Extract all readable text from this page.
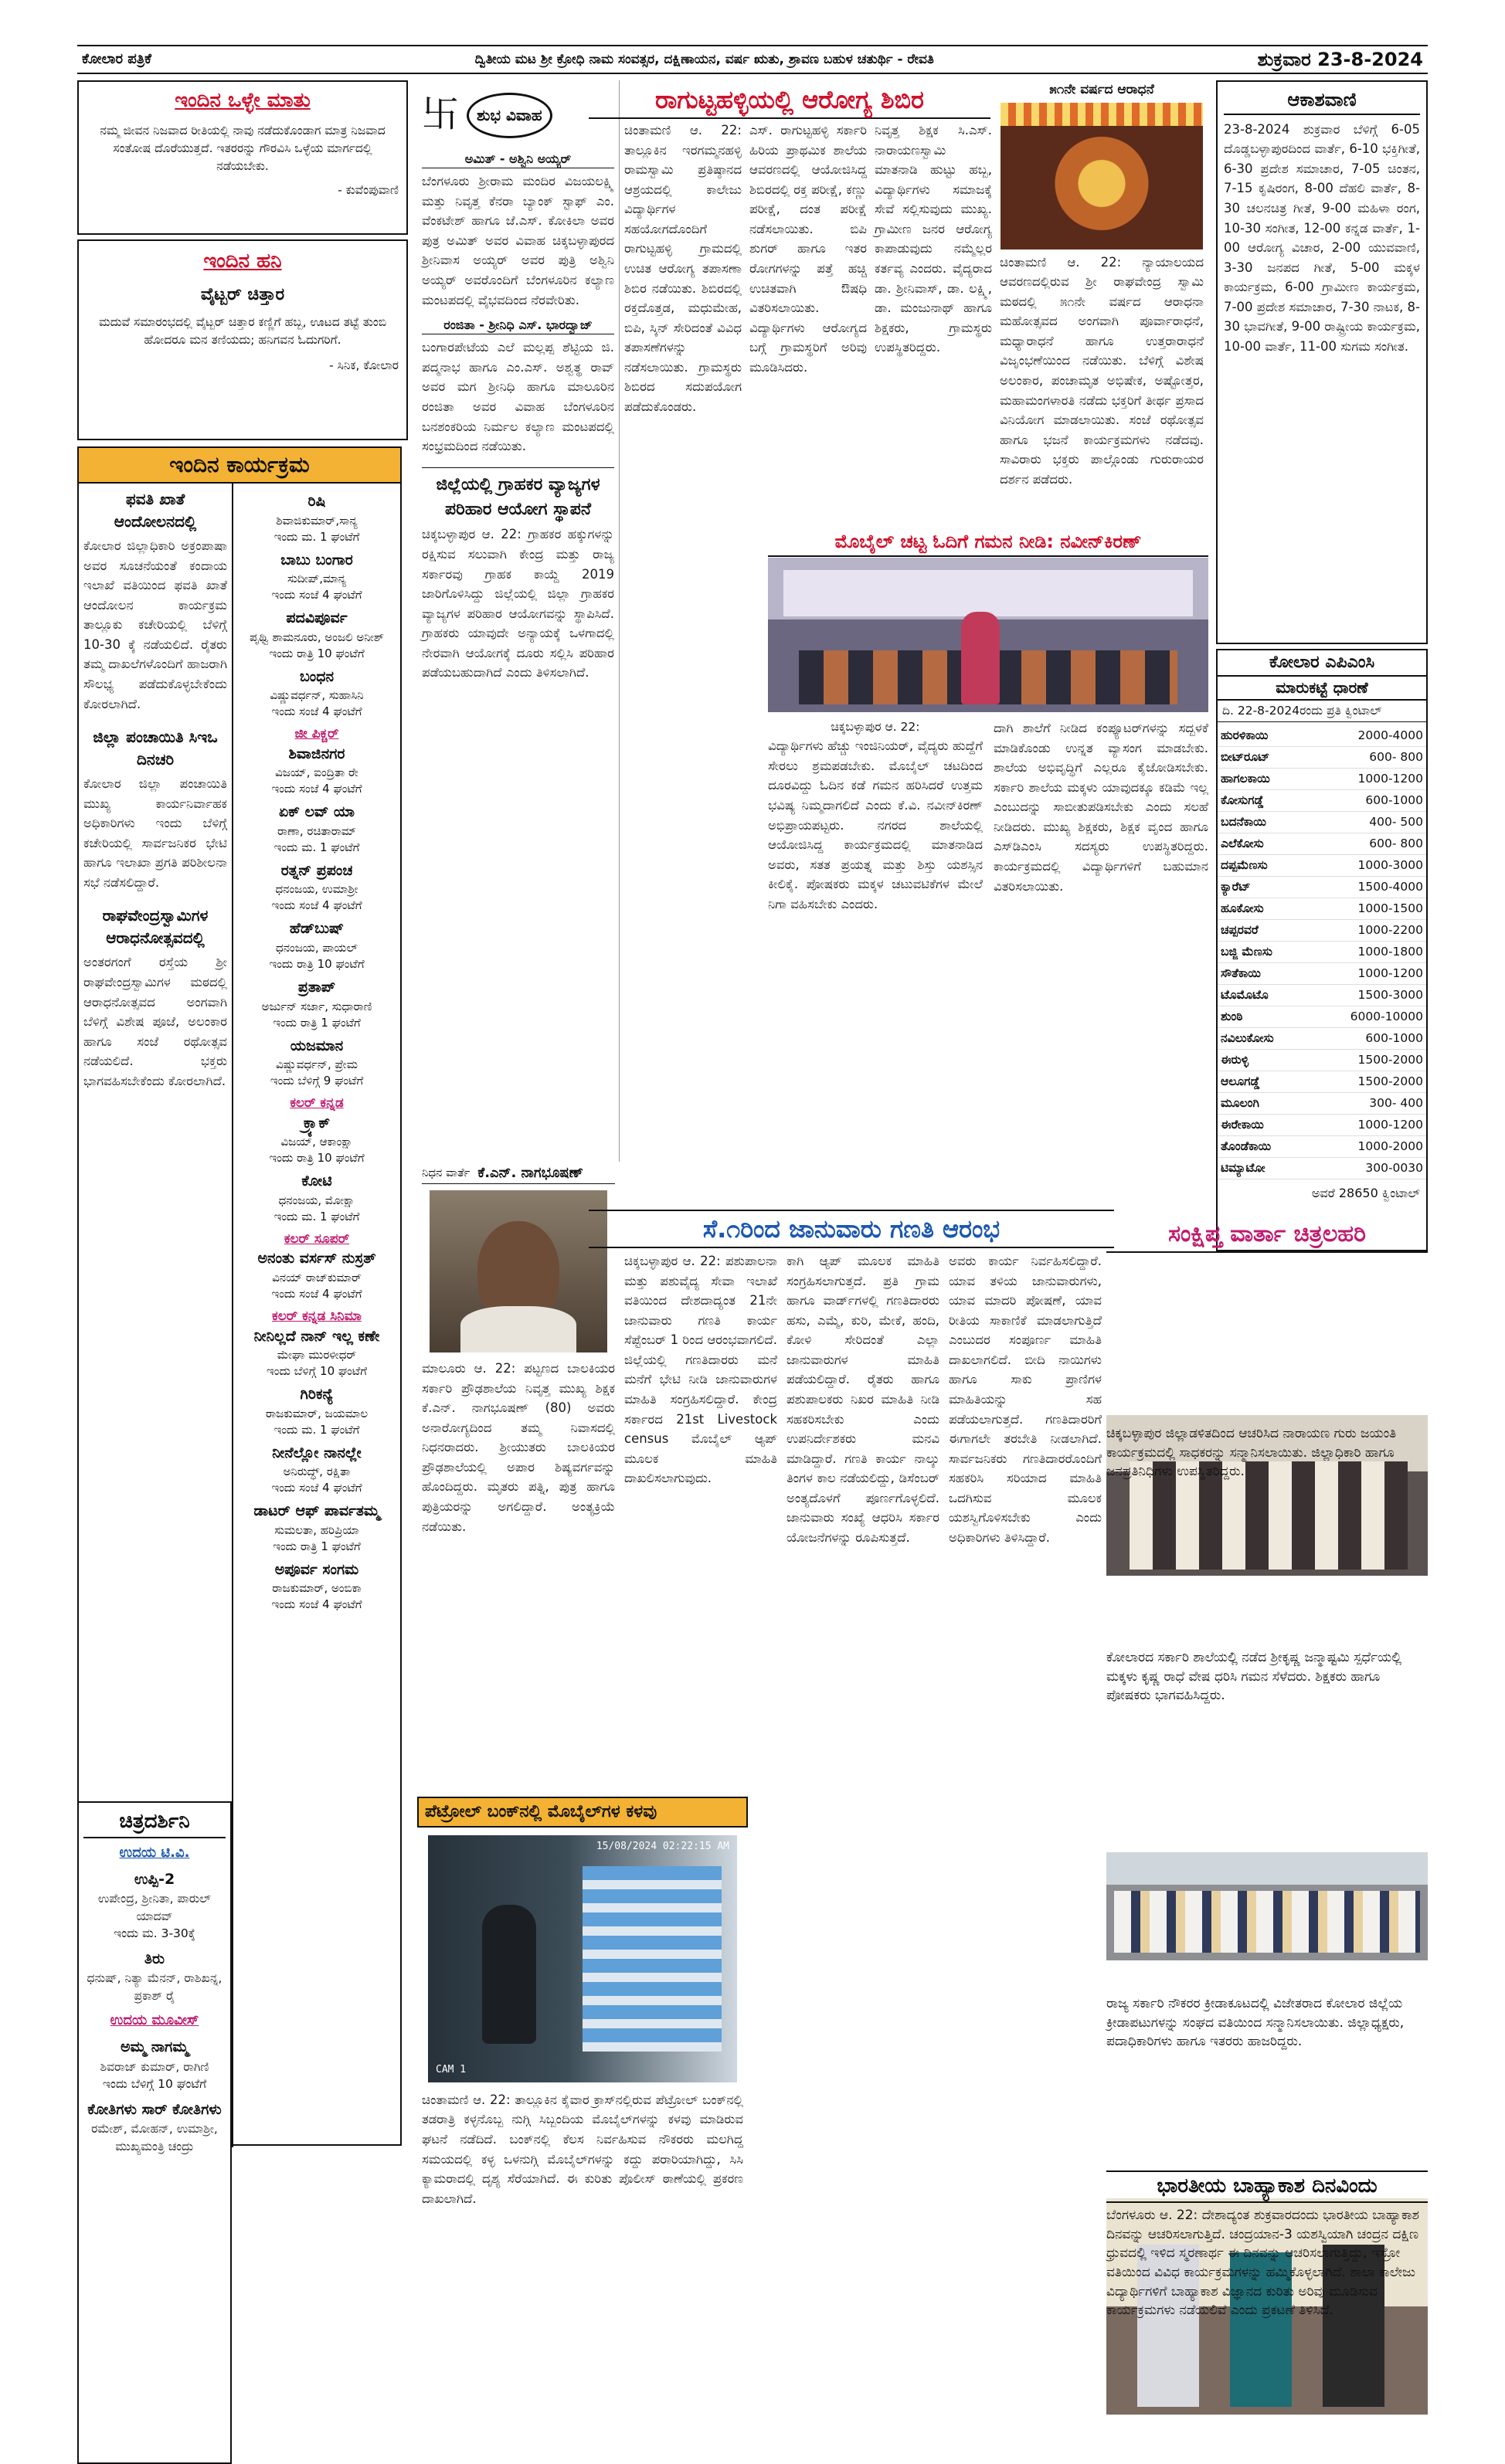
ಕೋಲಾರ ಪತ್ರಿಕೆ	ದ್ವಿತೀಯ ಮಟ ಶ್ರೀ ಕ್ರೋಧಿ ನಾಮ ಸಂವತ್ಸರ, ದಕ್ಷಿಣಾಯನ, ವರ್ಷ ಋತು, ಶ್ರಾವಣ ಬಹುಳ ಚತುರ್ಥಿ - ರೇವತಿ	ಶುಕ್ರವಾರ 23-8-2024
ಇಂದಿನ ಒಳ್ಳೇ ಮಾತು
ನಮ್ಮ ಜೀವನ ನಿಜವಾದ ರೀತಿಯಲ್ಲಿ ನಾವು ನಡೆದುಕೊಂಡಾಗ ಮಾತ್ರ ನಿಜವಾದ ಸಂತೋಷ ದೊರೆಯುತ್ತದೆ. ಇತರರನ್ನು ಗೌರವಿಸಿ ಒಳ್ಳೆಯ ಮಾರ್ಗದಲ್ಲಿ ನಡೆಯಬೇಕು.
- ಕುವೆಂಪುವಾಣಿ
ಇಂದಿನ ಹನಿ
ವೈಟ್ಬರ್ ಚಿತ್ತಾರ
ಮದುವೆ ಸಮಾರಂಭದಲ್ಲಿ ವೈಟ್ಬರ್ ಚಿತ್ತಾರ ಕಣ್ಣಿಗೆ ಹಬ್ಬ, ಊಟದ ತಟ್ಟೆ ತುಂಬಿ ಹೋದರೂ ಮನ ತಣಿಯದು; ಹನಿಗವನ ಓದುಗರಿಗೆ.
- ಸಿನಿಕ, ಕೋಲಾರ
ಇಂದಿನ ಕಾರ್ಯಕ್ರಮ
ಫವತಿ ಖಾತೆ ಆಂದೋಲನದಲ್ಲಿ
ಕೋಲಾರ ಜಿಲ್ಲಾಧಿಕಾರಿ ಅಕ್ರಂಪಾಷಾ ಅವರ ಸೂಚನೆಯಂತೆ ಕಂದಾಯ ಇಲಾಖೆ ವತಿಯಿಂದ ಫವತಿ ಖಾತೆ ಆಂದೋಲನ ಕಾರ್ಯಕ್ರಮ ತಾಲ್ಲೂಕು ಕಚೇರಿಯಲ್ಲಿ ಬೆಳಿಗ್ಗೆ 10-30 ಕ್ಕೆ ನಡೆಯಲಿದೆ. ರೈತರು ತಮ್ಮ ದಾಖಲೆಗಳೊಂದಿಗೆ ಹಾಜರಾಗಿ ಸೌಲಭ್ಯ ಪಡೆದುಕೊಳ್ಳಬೇಕೆಂದು ಕೋರಲಾಗಿದೆ.
ಜಿಲ್ಲಾ ಪಂಚಾಯಿತಿ ಸಿಇಒ ದಿನಚರಿ
ಕೋಲಾರ ಜಿಲ್ಲಾ ಪಂಚಾಯಿತಿ ಮುಖ್ಯ ಕಾರ್ಯನಿರ್ವಾಹಕ ಅಧಿಕಾರಿಗಳು ಇಂದು ಬೆಳಿಗ್ಗೆ ಕಚೇರಿಯಲ್ಲಿ ಸಾರ್ವಜನಿಕರ ಭೇಟಿ ಹಾಗೂ ಇಲಾಖಾ ಪ್ರಗತಿ ಪರಿಶೀಲನಾ ಸಭೆ ನಡೆಸಲಿದ್ದಾರೆ.
ರಾಘವೇಂದ್ರಸ್ವಾಮಿಗಳ ಆರಾಧನೋತ್ಸವದಲ್ಲಿ
ಅಂತರಗಂಗೆ ರಸ್ತೆಯ ಶ್ರೀ ರಾಘವೇಂದ್ರಸ್ವಾಮಿಗಳ ಮಠದಲ್ಲಿ ಆರಾಧನೋತ್ಸವದ ಅಂಗವಾಗಿ ಬೆಳಿಗ್ಗೆ ವಿಶೇಷ ಪೂಜೆ, ಅಲಂಕಾರ ಹಾಗೂ ಸಂಜೆ ರಥೋತ್ಸವ ನಡೆಯಲಿದೆ. ಭಕ್ತರು ಭಾಗವಹಿಸಬೇಕೆಂದು ಕೋರಲಾಗಿದೆ.
ರಿಷಿ
ಶಿವಾಜಿಕುಮಾರ್,ಸಾನ್ಯ
ಇಂದು ಮ. 1 ಘಂಟೆಗೆ
ಬಾಬು ಬಂಗಾರ
ಸುದೀಪ್,ಮಾನ್ಯ
ಇಂದು ಸಂಜೆ 4 ಘಂಟೆಗೆ
ಪದವಿಪೂರ್ವ
ಪೃಥ್ವಿ ಶಾಮನೂರು, ಅಂಜಲಿ ಅನೀಶ್
ಇಂದು ರಾತ್ರಿ 10 ಘಂಟೆಗೆ
ಬಂಧನ
ವಿಷ್ಣುವರ್ಧನ್, ಸುಹಾಸಿನಿ
ಇಂದು ಸಂಜೆ 4 ಘಂಟೆಗೆ
ಜೀ ಪಿಕ್ಚರ್
ಶಿವಾಜಿನಗರ
ವಿಜಯ್, ಐಂದ್ರಿತಾ ರೇ
ಇಂದು ಸಂಜೆ 4 ಘಂಟೆಗೆ
ಏಕ್ ಲವ್ ಯಾ
ರಾಣಾ, ರಚಿತಾರಾಮ್
ಇಂದು ಮ. 1 ಘಂಟೆಗೆ
ರತ್ನನ್ ಪ್ರಪಂಚ
ಧನಂಜಯ, ಉಮಾಶ್ರೀ
ಇಂದು ಸಂಜೆ 4 ಘಂಟೆಗೆ
ಹೆಡ್‌ಬುಷ್
ಧನಂಜಯ, ಪಾಯಲ್
ಇಂದು ರಾತ್ರಿ 10 ಘಂಟೆಗೆ
ಪ್ರತಾಪ್
ಅರ್ಜುನ್ ಸರ್ಜಾ, ಸುಧಾರಾಣಿ
ಇಂದು ರಾತ್ರಿ 1 ಘಂಟೆಗೆ
ಯಜಮಾನ
ವಿಷ್ಣುವರ್ಧನ್, ಪ್ರೇಮ
ಇಂದು ಬೆಳಿಗ್ಗೆ 9 ಘಂಟೆಗೆ
ಕಲರ್ ಕನ್ನಡ
ಕ್ರ್ಯಾಕ್
ವಿಜಯ್, ಆಕಾಂಕ್ಷಾ
ಇಂದು ರಾತ್ರಿ 10 ಘಂಟೆಗೆ
ಕೋಟಿ
ಧನಂಜಯ, ಮೋಕ್ಷಾ
ಇಂದು ಮ. 1 ಘಂಟೆಗೆ
ಕಲರ್ ಸೂಪರ್
ಅನಂತು ವರ್ಸಸ್ ನುಸ್ರತ್
ವಿನಯ್ ರಾಜ್‌ಕುಮಾರ್
ಇಂದು ಸಂಜೆ 4 ಘಂಟೆಗೆ
ಕಲರ್ ಕನ್ನಡ ಸಿನಿಮಾ
ನೀನಿಲ್ಲದೆ ನಾನ್ ಇಲ್ಲ ಕಣೇ
ಮೇಘಾ ಮುರಳೀಧರ್
ಇಂದು ಬೆಳಿಗ್ಗೆ 10 ಘಂಟೆಗೆ
ಗಿರಿಕನ್ಯೆ
ರಾಜಕುಮಾರ್, ಜಯಮಾಲ
ಇಂದು ಮ. 1 ಘಂಟೆಗೆ
ನೀನೆಲ್ಲೋ ನಾನಲ್ಲೇ
ಅನಿರುದ್ಧ್, ರಕ್ಷಿತಾ
ಇಂದು ಸಂಜೆ 4 ಘಂಟೆಗೆ
ಡಾಟರ್ ಆಫ್ ಪಾರ್ವತಮ್ಮ
ಸುಮಲತಾ, ಹರಿಪ್ರಿಯಾ
ಇಂದು ರಾತ್ರಿ 1 ಘಂಟೆಗೆ
ಅಪೂರ್ವ ಸಂಗಮ
ರಾಜಕುಮಾರ್, ಅಂಬಿಕಾ
ಇಂದು ಸಂಜೆ 4 ಘಂಟೆಗೆ
ಚಿತ್ರದರ್ಶಿನಿ
ಉದಯ ಟಿ.ವಿ.
ಉಪ್ಪಿ-2
ಉಪೇಂದ್ರ, ಶ್ರೀನಿತಾ, ಪಾರುಲ್ ಯಾದವ್
ಇಂದು ಮ. 3-30ಕ್ಕೆ
ತಿರು
ಧನುಷ್, ನಿತ್ಯಾ ಮೆನನ್, ರಾಶಿಖನ್ನ, ಪ್ರಕಾಶ್ ರೈ
ಉದಯ ಮೂವೀಸ್
ಅಮ್ಮ ನಾಗಮ್ಮ
ಶಿವರಾಜ್ ಕುಮಾರ್, ರಾಗಿಣಿ
ಇಂದು ಬೆಳಿಗ್ಗೆ 10 ಘಂಟೆಗೆ
ಕೋತಿಗಳು ಸಾರ್ ಕೋತಿಗಳು
ರಮೇಶ್, ಮೋಹನ್, ಉಮಾಶ್ರೀ, ಮುಖ್ಯಮಂತ್ರಿ ಚಂದ್ರು
卐	ಶುಭ ವಿವಾಹ
ಅಮಿತ್ - ಅಶ್ವಿನಿ ಅಯ್ಯರ್
ಬೆಂಗಳೂರು ಶ್ರೀರಾಮ ಮಂದಿರ ವಿಜಯಲಕ್ಷ್ಮಿ ಮತ್ತು ನಿವೃತ್ತ ಕೆನರಾ ಬ್ಯಾಂಕ್ ಸ್ಟಾಫ್ ಎಂ. ವೆಂಕಟೇಶ್ ಹಾಗೂ ಜೆ.ಎಸ್. ಕೋಕಿಲಾ ಅವರ ಪುತ್ರ ಅಮಿತ್ ಅವರ ವಿವಾಹ ಚಿಕ್ಕಬಳ್ಳಾಪುರದ ಶ್ರೀನಿವಾಸ ಅಯ್ಯರ್ ಅವರ ಪುತ್ರಿ ಅಶ್ವಿನಿ ಅಯ್ಯರ್ ಅವರೊಂದಿಗೆ ಬೆಂಗಳೂರಿನ ಕಲ್ಯಾಣ ಮಂಟಪದಲ್ಲಿ ವೈಭವದಿಂದ ನೆರವೇರಿತು.
ರಂಜಿತಾ - ಶ್ರೀನಿಧಿ ಎಸ್. ಭಾರದ್ವಾಜ್
ಬಂಗಾರಪೇಟೆಯ ಎಲೆ ಮಲ್ಲಪ್ಪ ಶೆಟ್ಟಿಯ ಜಿ. ಪದ್ಮನಾಭ ಹಾಗೂ ಎಂ.ಎಸ್. ಅಶ್ವತ್ಥ ರಾವ್ ಅವರ ಮಗ ಶ್ರೀನಿಧಿ ಹಾಗೂ ಮಾಲೂರಿನ ರಂಜಿತಾ ಅವರ ವಿವಾಹ ಬೆಂಗಳೂರಿನ ಬನಶಂಕರಿಯ ನಿರ್ಮಲ ಕಲ್ಯಾಣ ಮಂಟಪದಲ್ಲಿ ಸಂಭ್ರಮದಿಂದ ನಡೆಯಿತು.
ಜಿಲ್ಲೆಯಲ್ಲಿ ಗ್ರಾಹಕರ ವ್ಯಾಜ್ಯಗಳ ಪರಿಹಾರ ಆಯೋಗ ಸ್ಥಾಪನೆ
ಚಿಕ್ಕಬಳ್ಳಾಪುರ ಆ. 22: ಗ್ರಾಹಕರ ಹಕ್ಕುಗಳನ್ನು ರಕ್ಷಿಸುವ ಸಲುವಾಗಿ ಕೇಂದ್ರ ಮತ್ತು ರಾಜ್ಯ ಸರ್ಕಾರವು ಗ್ರಾಹಕ ಕಾಯ್ದೆ 2019 ಜಾರಿಗೊಳಿಸಿದ್ದು ಜಿಲ್ಲೆಯಲ್ಲಿ ಜಿಲ್ಲಾ ಗ್ರಾಹಕರ ವ್ಯಾಜ್ಯಗಳ ಪರಿಹಾರ ಆಯೋಗವನ್ನು ಸ್ಥಾಪಿಸಿದೆ. ಗ್ರಾಹಕರು ಯಾವುದೇ ಅನ್ಯಾಯಕ್ಕೆ ಒಳಗಾದಲ್ಲಿ ನೇರವಾಗಿ ಆಯೋಗಕ್ಕೆ ದೂರು ಸಲ್ಲಿಸಿ ಪರಿಹಾರ ಪಡೆಯಬಹುದಾಗಿದೆ ಎಂದು ತಿಳಿಸಲಾಗಿದೆ.
ನಿಧನ ವಾರ್ತೆ ಕೆ.ಎನ್. ನಾಗಭೂಷಣ್
ಮಾಲೂರು ಆ. 22: ಪಟ್ಟಣದ ಬಾಲಕಿಯರ ಸರ್ಕಾರಿ ಪ್ರೌಢಶಾಲೆಯ ನಿವೃತ್ತ ಮುಖ್ಯ ಶಿಕ್ಷಕ ಕೆ.ಎನ್. ನಾಗಭೂಷಣ್ (80) ಅವರು ಅನಾರೋಗ್ಯದಿಂದ ತಮ್ಮ ನಿವಾಸದಲ್ಲಿ ನಿಧನರಾದರು. ಶ್ರೀಯುತರು ಬಾಲಕಿಯರ ಪ್ರೌಢಶಾಲೆಯಲ್ಲಿ ಅಪಾರ ಶಿಷ್ಯವರ್ಗವನ್ನು ಹೊಂದಿದ್ದರು. ಮೃತರು ಪತ್ನಿ, ಪುತ್ರ ಹಾಗೂ ಪುತ್ರಿಯರನ್ನು ಅಗಲಿದ್ದಾರೆ. ಅಂತ್ಯಕ್ರಿಯೆ ನಡೆಯಿತು.
ಪೆಟ್ರೋಲ್ ಬಂಕ್‌ನಲ್ಲಿ ಮೊಬೈಲ್‌ಗಳ ಕಳವು
15/08/2024 02:22:15 AM
CAM 1
ಚಿಂತಾಮಣಿ ಆ. 22: ತಾಲ್ಲೂಕಿನ ಕೈವಾರ ಕ್ರಾಸ್‌ನಲ್ಲಿರುವ ಪೆಟ್ರೋಲ್ ಬಂಕ್‌ನಲ್ಲಿ ತಡರಾತ್ರಿ ಕಳ್ಳನೊಬ್ಬ ನುಗ್ಗಿ ಸಿಬ್ಬಂದಿಯ ಮೊಬೈಲ್‌ಗಳನ್ನು ಕಳವು ಮಾಡಿರುವ ಘಟನೆ ನಡೆದಿದೆ. ಬಂಕ್‌ನಲ್ಲಿ ಕೆಲಸ ನಿರ್ವಹಿಸುವ ನೌಕರರು ಮಲಗಿದ್ದ ಸಮಯದಲ್ಲಿ ಕಳ್ಳ ಒಳನುಗ್ಗಿ ಮೊಬೈಲ್‌ಗಳನ್ನು ಕದ್ದು ಪರಾರಿಯಾಗಿದ್ದು, ಸಿಸಿ ಕ್ಯಾಮರಾದಲ್ಲಿ ದೃಶ್ಯ ಸೆರೆಯಾಗಿದೆ. ಈ ಕುರಿತು ಪೊಲೀಸ್ ಠಾಣೆಯಲ್ಲಿ ಪ್ರಕರಣ ದಾಖಲಾಗಿದೆ.
ರಾಗುಟ್ಟಹಳ್ಳಿಯಲ್ಲಿ ಆರೋಗ್ಯ ಶಿಬಿರ
ಚಿಂತಾಮಣಿ ಆ. 22: ತಾಲ್ಲೂಕಿನ ಇರಗಮ್ಮನಹಳ್ಳಿ ರಾಮಸ್ವಾಮಿ ಪ್ರತಿಷ್ಠಾನದ ಆಶ್ರಯದಲ್ಲಿ ಕಾಲೇಜು ವಿದ್ಯಾರ್ಥಿಗಳ ಸಹಯೋಗದೊಂದಿಗೆ ರಾಗುಟ್ಟಹಳ್ಳಿ ಗ್ರಾಮದಲ್ಲಿ ಉಚಿತ ಆರೋಗ್ಯ ತಪಾಸಣಾ ಶಿಬಿರ ನಡೆಯಿತು. ಶಿಬಿರದಲ್ಲಿ ರಕ್ತದೊತ್ತಡ, ಮಧುಮೇಹ, ಬಿಪಿ, ಸ್ಕಿನ್ ಸೇರಿದಂತೆ ವಿವಿಧ ತಪಾಸಣೆಗಳನ್ನು ನಡೆಸಲಾಯಿತು. ಗ್ರಾಮಸ್ಥರು ಶಿಬಿರದ ಸದುಪಯೋಗ ಪಡೆದುಕೊಂಡರು.
ಎಸ್. ರಾಗುಟ್ಟಹಳ್ಳಿ ಸರ್ಕಾರಿ ಹಿರಿಯ ಪ್ರಾಥಮಿಕ ಶಾಲೆಯ ಆವರಣದಲ್ಲಿ ಆಯೋಜಿಸಿದ್ದ ಶಿಬಿರದಲ್ಲಿ ರಕ್ತ ಪರೀಕ್ಷೆ, ಕಣ್ಣು ಪರೀಕ್ಷೆ, ದಂತ ಪರೀಕ್ಷೆ ನಡೆಸಲಾಯಿತು. ಬಿಪಿ ಶುಗರ್ ಹಾಗೂ ಇತರ ರೋಗಗಳನ್ನು ಪತ್ತೆ ಹಚ್ಚಿ ಉಚಿತವಾಗಿ ಔಷಧಿ ವಿತರಿಸಲಾಯಿತು. ವಿದ್ಯಾರ್ಥಿಗಳು ಆರೋಗ್ಯದ ಬಗ್ಗೆ ಗ್ರಾಮಸ್ಥರಿಗೆ ಅರಿವು ಮೂಡಿಸಿದರು.
ನಿವೃತ್ತ ಶಿಕ್ಷಕ ಸಿ.ಎಸ್. ನಾರಾಯಣಸ್ವಾಮಿ ಮಾತನಾಡಿ ಹುಟ್ಟು ಹಬ್ಬ, ವಿದ್ಯಾರ್ಥಿಗಳು ಸಮಾಜಕ್ಕೆ ಸೇವೆ ಸಲ್ಲಿಸುವುದು ಮುಖ್ಯ. ಗ್ರಾಮೀಣ ಜನರ ಆರೋಗ್ಯ ಕಾಪಾಡುವುದು ನಮ್ಮೆಲ್ಲರ ಕರ್ತವ್ಯ ಎಂದರು. ವೈದ್ಯರಾದ ಡಾ. ಶ್ರೀನಿವಾಸ್, ಡಾ. ಲಕ್ಷ್ಮಿ, ಡಾ. ಮಂಜುನಾಥ್ ಹಾಗೂ ಶಿಕ್ಷಕರು, ಗ್ರಾಮಸ್ಥರು ಉಪಸ್ಥಿತರಿದ್ದರು.
೫೧ನೇ ವರ್ಷದ ಆರಾಧನೆ
ಚಿಂತಾಮಣಿ ಆ. 22: ನ್ಯಾಯಾಲಯದ ಆವರಣದಲ್ಲಿರುವ ಶ್ರೀ ರಾಘವೇಂದ್ರ ಸ್ವಾಮಿ ಮಠದಲ್ಲಿ ೫೧ನೇ ವರ್ಷದ ಆರಾಧನಾ ಮಹೋತ್ಸವದ ಅಂಗವಾಗಿ ಪೂರ್ವಾರಾಧನೆ, ಮಧ್ಯಾರಾಧನೆ ಹಾಗೂ ಉತ್ತರಾರಾಧನೆ ವಿಜೃಂಭಣೆಯಿಂದ ನಡೆಯಿತು. ಬೆಳಿಗ್ಗೆ ವಿಶೇಷ ಅಲಂಕಾರ, ಪಂಚಾಮೃತ ಅಭಿಷೇಕ, ಅಷ್ಟೋತ್ತರ, ಮಹಾಮಂಗಳಾರತಿ ನಡೆದು ಭಕ್ತರಿಗೆ ತೀರ್ಥ ಪ್ರಸಾದ ವಿನಿಯೋಗ ಮಾಡಲಾಯಿತು. ಸಂಜೆ ರಥೋತ್ಸವ ಹಾಗೂ ಭಜನೆ ಕಾರ್ಯಕ್ರಮಗಳು ನಡೆದವು. ಸಾವಿರಾರು ಭಕ್ತರು ಪಾಲ್ಗೊಂಡು ಗುರುರಾಯರ ದರ್ಶನ ಪಡೆದರು.
ಮೊಬೈಲ್ ಚಟ್ಟ ಓದಿಗೆ ಗಮನ ನೀಡಿ: ನವೀನ್‌ಕಿರಣ್
ಚಿಕ್ಕಬಳ್ಳಾಪುರ ಆ. 22:
ವಿದ್ಯಾರ್ಥಿಗಳು ಹೆಚ್ಚು ಇಂಜಿನಿಯರ್, ವೈದ್ಯರು ಹುದ್ದೆಗೆ ಸೇರಲು ಶ್ರಮಪಡಬೇಕು. ಮೊಬೈಲ್ ಚಟದಿಂದ ದೂರವಿದ್ದು ಓದಿನ ಕಡೆ ಗಮನ ಹರಿಸಿದರೆ ಉತ್ತಮ ಭವಿಷ್ಯ ನಿಮ್ಮದಾಗಲಿದೆ ಎಂದು ಕೆ.ವಿ. ನವೀನ್‌ಕಿರಣ್ ಅಭಿಪ್ರಾಯಪಟ್ಟರು. ನಗರದ ಶಾಲೆಯಲ್ಲಿ ಆಯೋಜಿಸಿದ್ದ ಕಾರ್ಯಕ್ರಮದಲ್ಲಿ ಮಾತನಾಡಿದ ಅವರು, ಸತತ ಪ್ರಯತ್ನ ಮತ್ತು ಶಿಸ್ತು ಯಶಸ್ಸಿನ ಕೀಲಿಕೈ. ಪೋಷಕರು ಮಕ್ಕಳ ಚಟುವಟಿಕೆಗಳ ಮೇಲೆ ನಿಗಾ ವಹಿಸಬೇಕು ಎಂದರು.
ದಾಗಿ ಶಾಲೆಗೆ ನೀಡಿದ ಕಂಪ್ಯೂಟರ್‌ಗಳನ್ನು ಸದ್ಬಳಕೆ ಮಾಡಿಕೊಂಡು ಉನ್ನತ ವ್ಯಾಸಂಗ ಮಾಡಬೇಕು. ಶಾಲೆಯ ಅಭಿವೃದ್ಧಿಗೆ ಎಲ್ಲರೂ ಕೈಜೋಡಿಸಬೇಕು. ಸರ್ಕಾರಿ ಶಾಲೆಯ ಮಕ್ಕಳು ಯಾವುದಕ್ಕೂ ಕಡಿಮೆ ಇಲ್ಲ ಎಂಬುದನ್ನು ಸಾಬೀತುಪಡಿಸಬೇಕು ಎಂದು ಸಲಹೆ ನೀಡಿದರು. ಮುಖ್ಯ ಶಿಕ್ಷಕರು, ಶಿಕ್ಷಕ ವೃಂದ ಹಾಗೂ ಎಸ್‌ಡಿಎಂಸಿ ಸದಸ್ಯರು ಉಪಸ್ಥಿತರಿದ್ದರು. ಕಾರ್ಯಕ್ರಮದಲ್ಲಿ ವಿದ್ಯಾರ್ಥಿಗಳಿಗೆ ಬಹುಮಾನ ವಿತರಿಸಲಾಯಿತು.
ಆಕಾಶವಾಣಿ
23-8-2024 ಶುಕ್ರವಾರ ಬೆಳಿಗ್ಗೆ 6-05 ದೊಡ್ಡಬಳ್ಳಾಪುರದಿಂದ ವಾರ್ತೆ, 6-10 ಭಕ್ತಿಗೀತೆ, 6-30 ಪ್ರದೇಶ ಸಮಾಚಾರ, 7-05 ಚಿಂತನ, 7-15 ಕೃಷಿರಂಗ, 8-00 ದೆಹಲಿ ವಾರ್ತೆ, 8-30 ಚಲನಚಿತ್ರ ಗೀತೆ, 9-00 ಮಹಿಳಾ ರಂಗ, 10-30 ಸಂಗೀತ, 12-00 ಕನ್ನಡ ವಾರ್ತೆ, 1-00 ಆರೋಗ್ಯ ವಿಚಾರ, 2-00 ಯುವವಾಣಿ, 3-30 ಜನಪದ ಗೀತೆ, 5-00 ಮಕ್ಕಳ ಕಾರ್ಯಕ್ರಮ, 6-00 ಗ್ರಾಮೀಣ ಕಾರ್ಯಕ್ರಮ, 7-00 ಪ್ರದೇಶ ಸಮಾಚಾರ, 7-30 ನಾಟಕ, 8-30 ಭಾವಗೀತೆ, 9-00 ರಾಷ್ಟ್ರೀಯ ಕಾರ್ಯಕ್ರಮ, 10-00 ವಾರ್ತೆ, 11-00 ಸುಗಮ ಸಂಗೀತ.
ಕೋಲಾರ ಎಪಿಎಂಸಿ
ಮಾರುಕಟ್ಟೆ ಧಾರಣೆ
ದಿ. 22-8-2024ರಂದು ಪ್ರತಿ ಕ್ವಿಂಟಾಲ್
ಹುರಳಿಕಾಯಿ	2000-4000
ಬೀಟ್‌ರೂಟ್	600- 800
ಹಾಗಲಕಾಯಿ	1000-1200
ಕೋಸುಗಡ್ಡೆ	600-1000
ಬದನೆಕಾಯಿ	400- 500
ಎಲೆಕೋಸು	600- 800
ದಪ್ಪಮೆಣಸು	1000-3000
ಕ್ಯಾರೆಟ್	1500-4000
ಹೂಕೋಸು	1000-1500
ಚಪ್ಪರವರೆ	1000-2200
ಬಜ್ಜಿ ಮೆಣಸು	1000-1800
ಸೌತೆಕಾಯಿ	1000-1200
ಟೊಮೊಟೊ	1500-3000
ಶುಂಠಿ	6000-10000
ನವಿಲುಕೋಸು	600-1000
ಈರುಳ್ಳಿ	1500-2000
ಆಲೂಗಡ್ಡೆ	1500-2000
ಮೂಲಂಗಿ	300- 400
ಈರೇಕಾಯಿ	1000-1200
ತೊಂಡೆಕಾಯಿ	1000-2000
ಟಿಮ್ಯಾಟೋ	300-0030
ಅವರೆ 28650 ಕ್ವಿಂಟಾಲ್
ಸೆ.೧ರಿಂದ ಜಾನುವಾರು ಗಣತಿ ಆರಂಭ
ಚಿಕ್ಕಬಳ್ಳಾಪುರ ಆ. 22: ಪಶುಪಾಲನಾ ಮತ್ತು ಪಶುವೈದ್ಯ ಸೇವಾ ಇಲಾಖೆ ವತಿಯಿಂದ ದೇಶದಾದ್ಯಂತ 21ನೇ ಜಾನುವಾರು ಗಣತಿ ಕಾರ್ಯ ಸೆಪ್ಟೆಂಬರ್ 1 ರಿಂದ ಆರಂಭವಾಗಲಿದೆ. ಜಿಲ್ಲೆಯಲ್ಲಿ ಗಣತಿದಾರರು ಮನೆ ಮನೆಗೆ ಭೇಟಿ ನೀಡಿ ಜಾನುವಾರುಗಳ ಮಾಹಿತಿ ಸಂಗ್ರಹಿಸಲಿದ್ದಾರೆ. ಕೇಂದ್ರ ಸರ್ಕಾರದ 21st Livestock census ಮೊಬೈಲ್ ಆ್ಯಪ್ ಮೂಲಕ ಮಾಹಿತಿ ದಾಖಲಿಸಲಾಗುವುದು.
ಕಾಗಿ ಆ್ಯಪ್ ಮೂಲಕ ಮಾಹಿತಿ ಸಂಗ್ರಹಿಸಲಾಗುತ್ತದೆ. ಪ್ರತಿ ಗ್ರಾಮ ಹಾಗೂ ವಾರ್ಡ್‌ಗಳಲ್ಲಿ ಗಣತಿದಾರರು ಹಸು, ಎಮ್ಮೆ, ಕುರಿ, ಮೇಕೆ, ಹಂದಿ, ಕೋಳಿ ಸೇರಿದಂತೆ ಎಲ್ಲಾ ಜಾನುವಾರುಗಳ ಮಾಹಿತಿ ಪಡೆಯಲಿದ್ದಾರೆ. ರೈತರು ಹಾಗೂ ಪಶುಪಾಲಕರು ನಿಖರ ಮಾಹಿತಿ ನೀಡಿ ಸಹಕರಿಸಬೇಕು ಎಂದು ಉಪನಿರ್ದೇಶಕರು ಮನವಿ ಮಾಡಿದ್ದಾರೆ. ಗಣತಿ ಕಾರ್ಯ ನಾಲ್ಕು ತಿಂಗಳ ಕಾಲ ನಡೆಯಲಿದ್ದು, ಡಿಸೆಂಬರ್ ಅಂತ್ಯದೊಳಗೆ ಪೂರ್ಣಗೊಳ್ಳಲಿದೆ. ಜಾನುವಾರು ಸಂಖ್ಯೆ ಆಧರಿಸಿ ಸರ್ಕಾರ ಯೋಜನೆಗಳನ್ನು ರೂಪಿಸುತ್ತದೆ.
ಅವರು ಕಾರ್ಯ ನಿರ್ವಹಿಸಲಿದ್ದಾರೆ. ಯಾವ ತಳಿಯ ಜಾನುವಾರುಗಳು, ಯಾವ ಮಾದರಿ ಪೋಷಣೆ, ಯಾವ ರೀತಿಯ ಸಾಕಾಣಿಕೆ ಮಾಡಲಾಗುತ್ತಿದೆ ಎಂಬುದರ ಸಂಪೂರ್ಣ ಮಾಹಿತಿ ದಾಖಲಾಗಲಿದೆ. ಬೀದಿ ನಾಯಿಗಳು ಹಾಗೂ ಸಾಕು ಪ್ರಾಣಿಗಳ ಮಾಹಿತಿಯನ್ನು ಸಹ ಪಡೆಯಲಾಗುತ್ತದೆ. ಗಣತಿದಾರರಿಗೆ ಈಗಾಗಲೇ ತರಬೇತಿ ನೀಡಲಾಗಿದೆ. ಸಾರ್ವಜನಿಕರು ಗಣತಿದಾರರೊಂದಿಗೆ ಸಹಕರಿಸಿ ಸರಿಯಾದ ಮಾಹಿತಿ ಒದಗಿಸುವ ಮೂಲಕ ಯಶಸ್ವಿಗೊಳಿಸಬೇಕು ಎಂದು ಅಧಿಕಾರಿಗಳು ತಿಳಿಸಿದ್ದಾರೆ.
ಸಂಕ್ಷಿಪ್ತ ವಾರ್ತಾ ಚಿತ್ರಲಹರಿ
ಚಿಕ್ಕಬಳ್ಳಾಪುರ ಜಿಲ್ಲಾಡಳಿತದಿಂದ ಆಚರಿಸಿದ ನಾರಾಯಣ ಗುರು ಜಯಂತಿ ಕಾರ್ಯಕ್ರಮದಲ್ಲಿ ಸಾಧಕರನ್ನು ಸನ್ಮಾನಿಸಲಾಯಿತು. ಜಿಲ್ಲಾಧಿಕಾರಿ ಹಾಗೂ ಜನಪ್ರತಿನಿಧಿಗಳು ಉಪಸ್ಥಿತರಿದ್ದರು.
ಕೋಲಾರದ ಸರ್ಕಾರಿ ಶಾಲೆಯಲ್ಲಿ ನಡೆದ ಶ್ರೀಕೃಷ್ಣ ಜನ್ಮಾಷ್ಟಮಿ ಸ್ಪರ್ಧೆಯಲ್ಲಿ ಮಕ್ಕಳು ಕೃಷ್ಣ ರಾಧೆ ವೇಷ ಧರಿಸಿ ಗಮನ ಸೆಳೆದರು. ಶಿಕ್ಷಕರು ಹಾಗೂ ಪೋಷಕರು ಭಾಗವಹಿಸಿದ್ದರು.
ರಾಜ್ಯ ಸರ್ಕಾರಿ ನೌಕರರ ಕ್ರೀಡಾಕೂಟದಲ್ಲಿ ವಿಜೇತರಾದ ಕೋಲಾರ ಜಿಲ್ಲೆಯ ಕ್ರೀಡಾಪಟುಗಳನ್ನು ಸಂಘದ ವತಿಯಿಂದ ಸನ್ಮಾನಿಸಲಾಯಿತು. ಜಿಲ್ಲಾಧ್ಯಕ್ಷರು, ಪದಾಧಿಕಾರಿಗಳು ಹಾಗೂ ಇತರರು ಹಾಜರಿದ್ದರು.
ಭಾರತೀಯ ಬಾಹ್ಯಾಕಾಶ ದಿನವಿಂದು
ಬೆಂಗಳೂರು ಆ. 22: ದೇಶಾದ್ಯಂತ ಶುಕ್ರವಾರದಂದು ಭಾರತೀಯ ಬಾಹ್ಯಾಕಾಶ ದಿನವನ್ನು ಆಚರಿಸಲಾಗುತ್ತಿದೆ. ಚಂದ್ರಯಾನ-3 ಯಶಸ್ವಿಯಾಗಿ ಚಂದ್ರನ ದಕ್ಷಿಣ ಧ್ರುವದಲ್ಲಿ ಇಳಿದ ಸ್ಮರಣಾರ್ಥ ಈ ದಿನವನ್ನು ಆಚರಿಸಲಾಗುತ್ತಿದ್ದು, ಇಸ್ರೋ ವತಿಯಿಂದ ವಿವಿಧ ಕಾರ್ಯಕ್ರಮಗಳನ್ನು ಹಮ್ಮಿಕೊಳ್ಳಲಾಗಿದೆ. ಶಾಲಾ ಕಾಲೇಜು ವಿದ್ಯಾರ್ಥಿಗಳಿಗೆ ಬಾಹ್ಯಾಕಾಶ ವಿಜ್ಞಾನದ ಕುರಿತು ಅರಿವು ಮೂಡಿಸುವ ಕಾರ್ಯಕ್ರಮಗಳು ನಡೆಯಲಿವೆ ಎಂದು ಪ್ರಕಟಣೆ ತಿಳಿಸಿದೆ.
